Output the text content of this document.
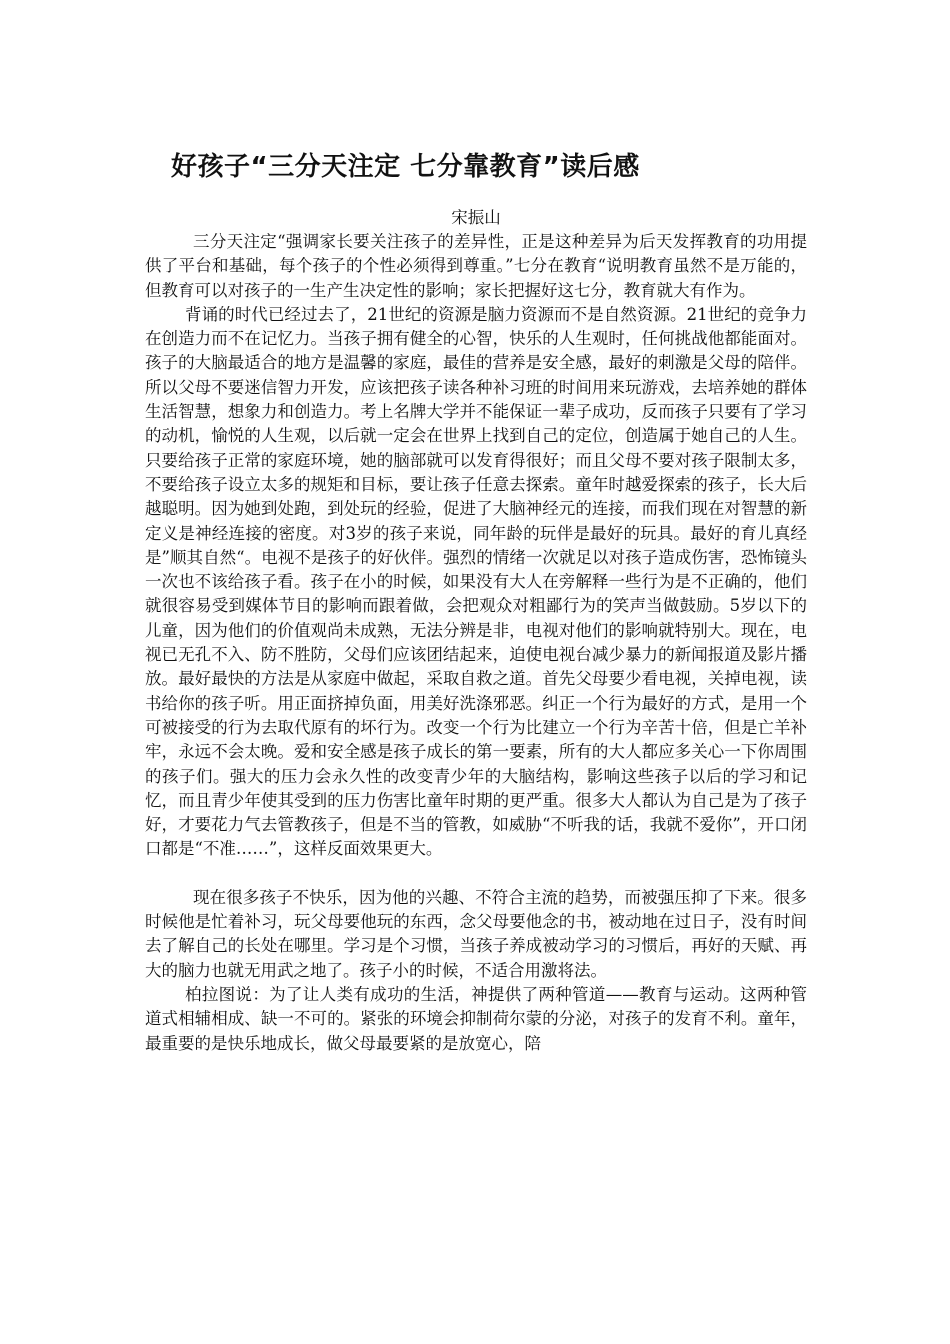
好孩子“三分天注定 七分靠教育”读后感
宋振山

三分天注定“强调家长要关注孩子的差异性，正是这种差异为后天发挥教育的功用提供了平台和基础，每个孩子的个性必须得到尊重。”七分在教育“说明教育虽然不是万能的，但教育可以对孩子的一生产生决定性的影响；家长把握好这七分，教育就大有作为。

背诵的时代已经过去了，21世纪的资源是脑力资源而不是自然资源。21世纪的竞争力在创造力而不在记忆力。当孩子拥有健全的心智，快乐的人生观时，任何挑战他都能面对。孩子的大脑最适合的地方是温馨的家庭，最佳的营养是安全感，最好的刺激是父母的陪伴。所以父母不要迷信智力开发，应该把孩子读各种补习班的时间用来玩游戏，去培养她的群体生活智慧，想象力和创造力。考上名牌大学并不能保证一辈子成功，反而孩子只要有了学习的动机，愉悦的人生观，以后就一定会在世界上找到自己的定位，创造属于她自己的人生。只要给孩子正常的家庭环境，她的脑部就可以发育得很好；而且父母不要对孩子限制太多，不要给孩子设立太多的规矩和目标，要让孩子任意去探索。童年时越爱探索的孩子，长大后越聪明。因为她到处跑，到处玩的经验，促进了大脑神经元的连接，而我们现在对智慧的新定义是神经连接的密度。对3岁的孩子来说，同年龄的玩伴是最好的玩具。最好的育儿真经是”顺其自然“。电视不是孩子的好伙伴。强烈的情绪一次就足以对孩子造成伤害，恐怖镜头一次也不该给孩子看。孩子在小的时候，如果没有大人在旁解释一些行为是不正确的，他们就很容易受到媒体节目的影响而跟着做，会把观众对粗鄙行为的笑声当做鼓励。5岁以下的儿童，因为他们的价值观尚未成熟，无法分辨是非，电视对他们的影响就特别大。现在，电视已无孔不入、防不胜防，父母们应该团结起来，迫使电视台减少暴力的新闻报道及影片播放。最好最快的方法是从家庭中做起，采取自救之道。首先父母要少看电视，关掉电视，读书给你的孩子听。用正面挤掉负面，用美好洗涤邪恶。纠正一个行为最好的方式，是用一个可被接受的行为去取代原有的坏行为。改变一个行为比建立一个行为辛苦十倍，但是亡羊补牢，永远不会太晚。爱和安全感是孩子成长的第一要素，所有的大人都应多关心一下你周围的孩子们。强大的压力会永久性的改变青少年的大脑结构，影响这些孩子以后的学习和记忆，而且青少年使其受到的压力伤害比童年时期的更严重。很多大人都认为自己是为了孩子好，才要花力气去管教孩子，但是不当的管教，如威胁“不听我的话，我就不爱你”，开口闭口都是“不准……”，这样反面效果更大。

现在很多孩子不快乐，因为他的兴趣、不符合主流的趋势，而被强压抑了下来。很多时候他是忙着补习，玩父母要他玩的东西，念父母要他念的书，被动地在过日子，没有时间去了解自己的长处在哪里。学习是个习惯，当孩子养成被动学习的习惯后，再好的天赋、再大的脑力也就无用武之地了。孩子小的时候，不适合用激将法。

柏拉图说：为了让人类有成功的生活，神提供了两种管道——教育与运动。这两种管道式相辅相成、缺一不可的。紧张的环境会抑制荷尔蒙的分泌，对孩子的发育不利。童年，最重要的是快乐地成长，做父母最要紧的是放宽心，陪
